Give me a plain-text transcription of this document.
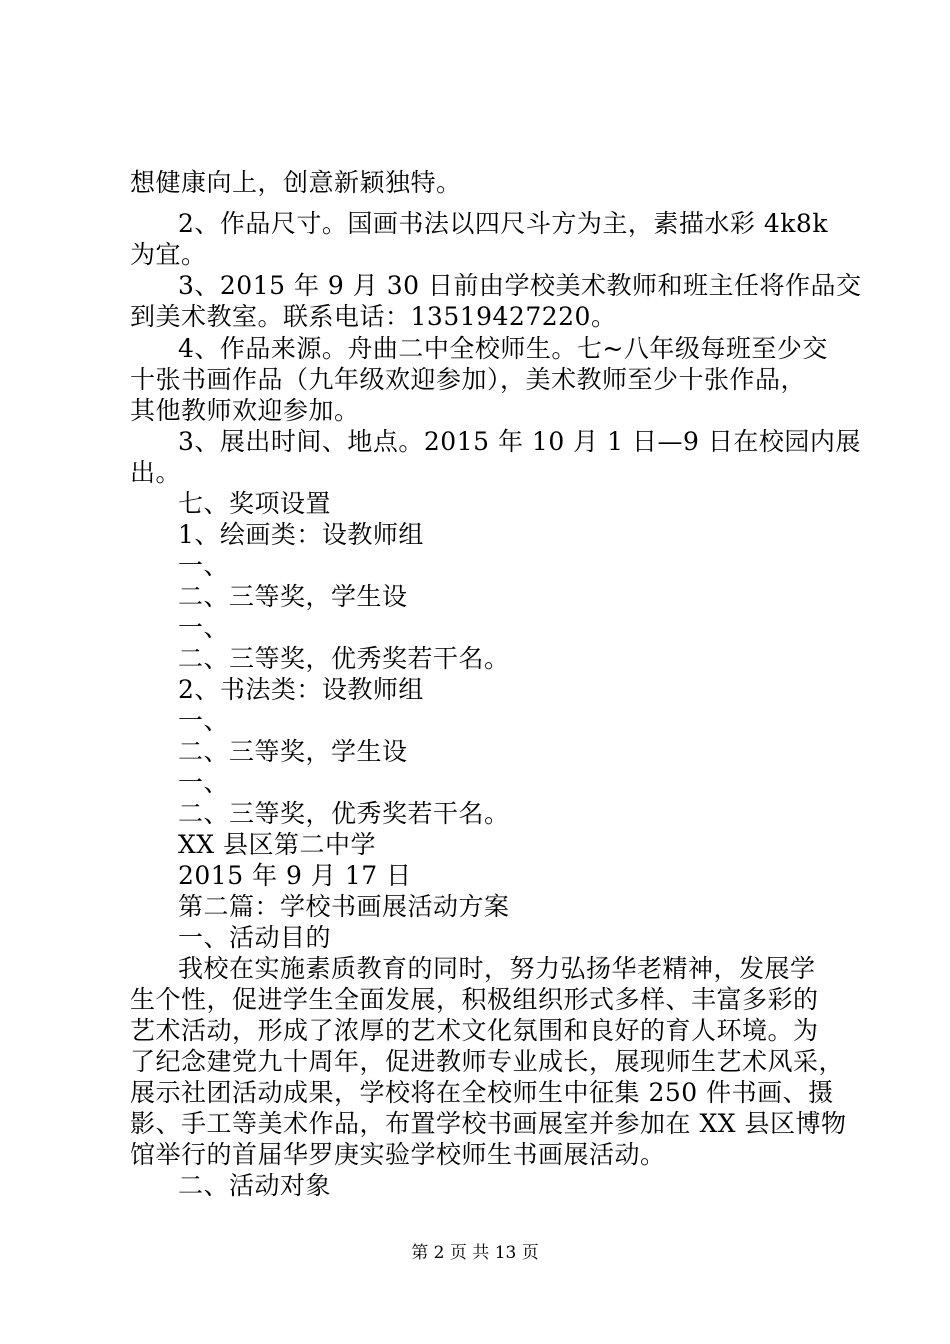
想健康向上，创意新颖独特。
2、作品尺寸。国画书法以四尺斗方为主，素描水彩 4k8k
为宜。
3、2015 年 9 月 30 日前由学校美术教师和班主任将作品交
到美术教室。联系电话：13519427220。
4、作品来源。舟曲二中全校师生。七~八年级每班至少交
十张书画作品（九年级欢迎参加），美术教师至少十张作品，
其他教师欢迎参加。
3、展出时间、地点。2015 年 10 月 1 日—9 日在校园内展
出。
七、奖项设置
1、绘画类：设教师组
一、
二、三等奖，学生设
一、
二、三等奖，优秀奖若干名。
2、书法类：设教师组
一、
二、三等奖，学生设
一、
二、三等奖，优秀奖若干名。
XX 县区第二中学
2015 年 9 月 17 日
第二篇：学校书画展活动方案
一、活动目的
我校在实施素质教育的同时，努力弘扬华老精神，发展学
生个性，促进学生全面发展，积极组织形式多样、丰富多彩的
艺术活动，形成了浓厚的艺术文化氛围和良好的育人环境。为
了纪念建党九十周年，促进教师专业成长，展现师生艺术风采，
展示社团活动成果，学校将在全校师生中征集 250 件书画、摄
影、手工等美术作品，布置学校书画展室并参加在 XX 县区博物
馆举行的首届华罗庚实验学校师生书画展活动。
二、活动对象
第 2 页 共 13 页
